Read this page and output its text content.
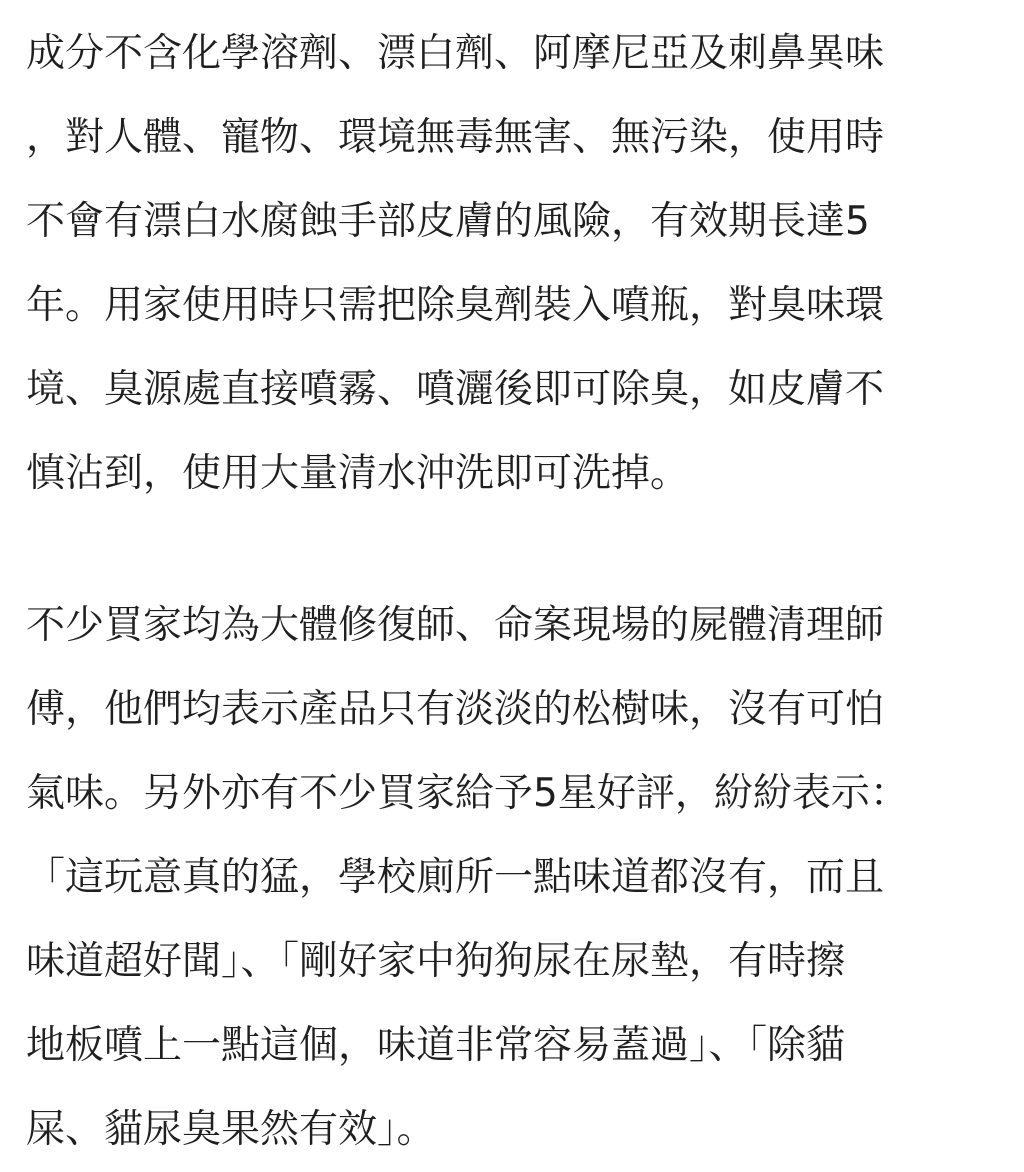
成分不含化學溶劑、漂白劑、阿摩尼亞及刺鼻異味
，對人體、寵物、環境無毒無害、無污染，使用時
不會有漂白水腐蝕手部皮膚的風險，有效期長達5
年。用家使用時只需把除臭劑裝入噴瓶，對臭味環
境、臭源處直接噴霧、噴灑後即可除臭，如皮膚不
慎沾到，使用大量清水沖洗即可洗掉。
不少買家均為大體修復師、命案現場的屍體清理師
傅，他們均表示產品只有淡淡的松樹味，沒有可怕
氣味。另外亦有不少買家給予5星好評，紛紛表示：
「這玩意真的猛，學校廁所一點味道都沒有，而且
味道超好聞」、「剛好家中狗狗尿在尿墊，有時擦
地板噴上一點這個，味道非常容易蓋過」、「除貓
屎、貓尿臭果然有效」。
